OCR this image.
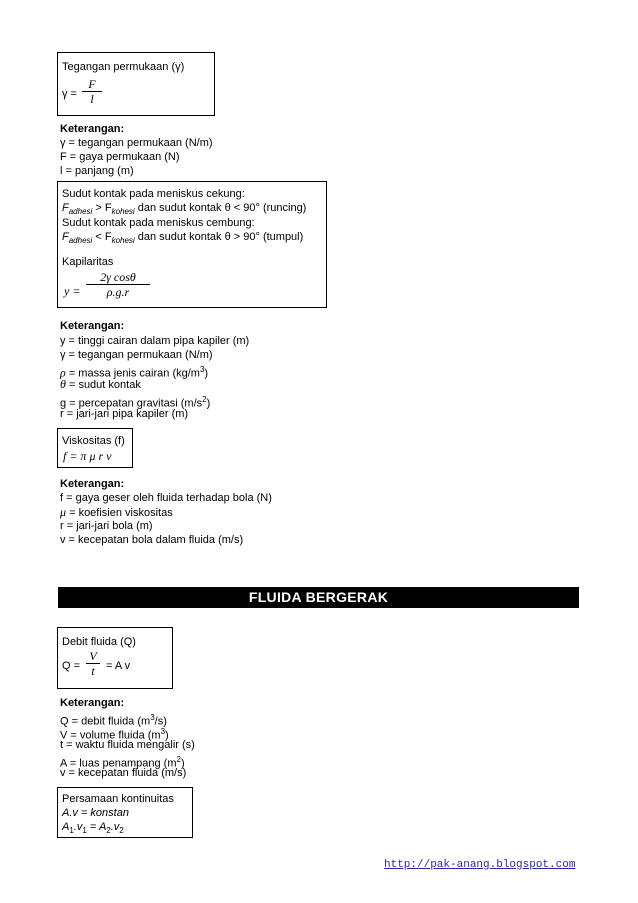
Tegangan permukaan (γ)
γ =
F
l
Keterangan:
γ = tegangan permukaan (N/m)
F = gaya permukaan (N)
l = panjang (m)
Sudut kontak pada meniskus cekung:
$F_{adhesi} > F_{kohesi}$ dan sudut kontak θ < 90° (runcing)
Sudut kontak pada meniskus cembung:
$F_{adhesi} < F_{kohesi}$ dan sudut kontak θ > 90° (tumpul)
Kapilaritas
y =
2γ cosθ
ρ.g.r
Keterangan:
y = tinggi cairan dalam pipa kapiler (m)
γ = tegangan permukaan (N/m)
ρ = massa jenis cairan $(kg/m^3)$
θ = sudut kontak
g = percepatan gravitasi $(m/s^2)$
r = jari-jari pipa kapiler (m)
Viskositas (f)
f = π μ r v
Keterangan:
f = gaya geser oleh fluida terhadap bola (N)
μ = koefisien viskositas
r = jari-jari bola (m)
v = kecepatan bola dalam fluida (m/s)
FLUIDA BERGERAK
Debit fluida (Q)
Q =
V
t	= A v
Keterangan:
Q = debit fluida $(m^3/s)$
V = volume fluida $(m^3)$
t = waktu fluida mengalir (s)
A = luas penampang $(m^2)$
v = kecepatan fluida (m/s)
Persamaan kontinuitas
A.v = konstan
$A_1.v_1 = A_2.v_2$
http://pak-anang.blogspot.com
